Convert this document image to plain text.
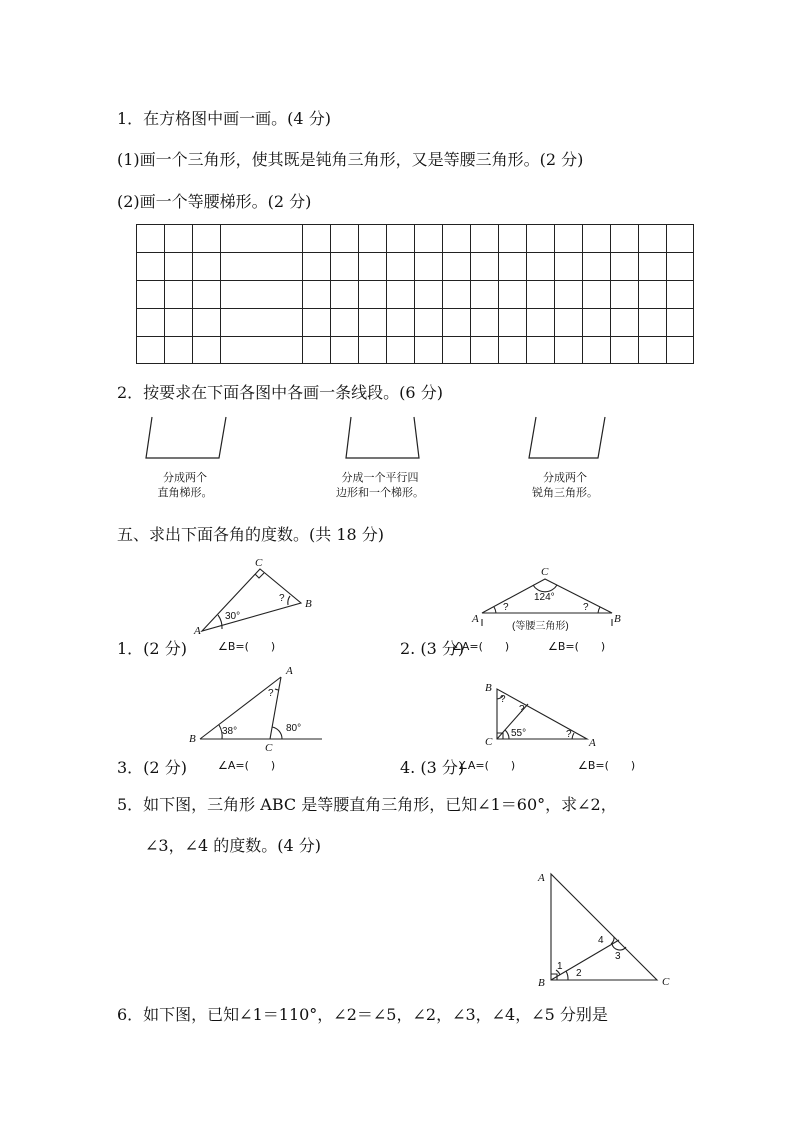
1．在方格图中画一画。(4 分)
(1)画一个三角形，使其既是钝角三角形，又是等腰三角形。(2 分)
(2)画一个等腰梯形。(2 分)
2．按要求在下面各图中各画一条线段。(6 分)
分成两个
直角梯形。
分成一个平行四
边形和一个梯形。
分成两个
锐角三角形。
五、求出下面各角的度数。(共 18 分)
A
B
C
30°
?
A	B
C
124°
?	?
(等腰三角形)
A
B
C
38°	80°
?	B
C	A
55°
?
?
?
1．(2 分)	∠B=(　　)	2. (3 分)
∠A=(　　)	∠B=(　　)
3．(2 分)	∠A=(　　)	4. (3 分)
∠A=(　　)	∠B=(　　)
5．如下图，三角形 ABC 是等腰直角三角形，已知∠1＝60°，求∠2，
∠3，∠4 的度数。(4 分)
A
B	C
1
2
3
4
6．如下图，已知∠1＝110°，∠2＝∠5，∠2，∠3，∠4，∠5 分别是
